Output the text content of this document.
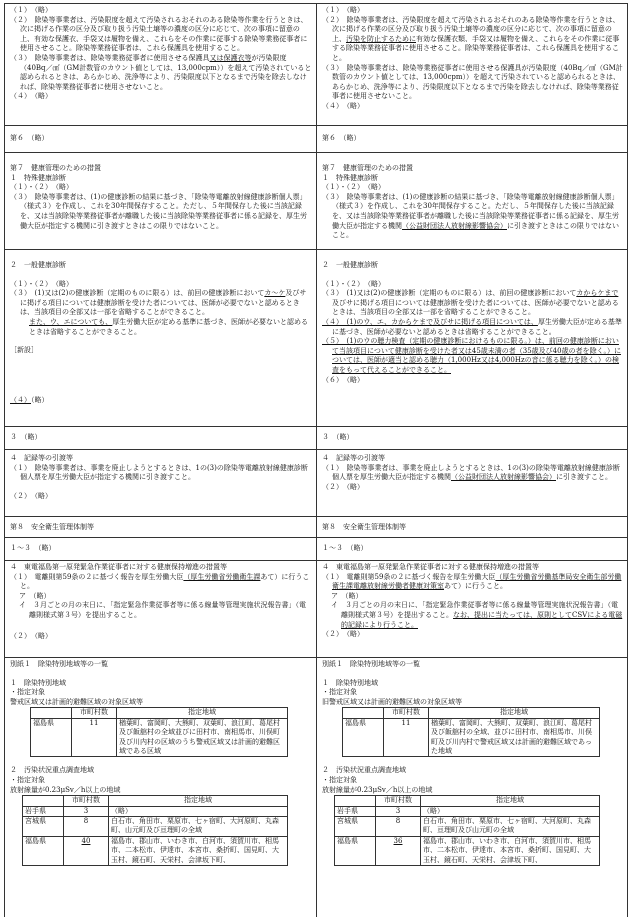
（１）　（略）

（２）　除染等事業者は、汚染限度を超えて汚染されるおそれのある除染等作業を行うときは、次に掲げる作業の区分及び取り扱う汚染土壌等の濃度の区分に応じて、次の事項に留意の上、有効な保護衣、手袋又は履物を備え、これらをその作業に従事する除染等業務従事者に使用させること。除染等業務従事者は、これら保護具を使用すること。

（３）　除染等事業者は、除染等業務従事者に使用させる保護具又は保護衣等が汚染限度（40Bq／㎠（GM計数管のカウント値としては、13,000cpm））を超えて汚染されていると認められるときは、あらかじめ、洗浄等により、汚染限度以下となるまで汚染を除去しなければ、除染等業務従事者に使用させないこと。

（４）　（略）

（１）　（略）

（２）　除染等事業者は、汚染限度を超えて汚染されるおそれのある除染等作業を行うときは、次に掲げる作業の区分及び取り扱う汚染土壌等の濃度の区分に応じて、次の事項に留意の上、汚染を防止するために有効な保護衣類、手袋又は履物を備え、これらをその作業に従事する除染等業務従事者に使用させること。除染等業務従事者は、これら保護具を使用すること。

（３）　除染等事業者は、除染等業務従事者に使用させる保護具が汚染限度（40Bq／㎠（GM計数管のカウント値としては、13,000cpm））を超えて汚染されていると認められるときは、あらかじめ、洗浄等により、汚染限度以下となるまで汚染を除去しなければ、除染等業務従事者に使用させないこと。

（４）　（略）

第６　（略）	第６　（略）

第７　健康管理のための措置

１　特殊健康診断

（１）・（２）　（略）

（３）　除染等事業者は、(1)の健康診断の結果に基づき、「除染等電離放射線健康診断個人票」（様式３）を作成し、これを30年間保存すること。ただし、５年間保存した後に当該記録を、又は当該除染等業務従事者が離職した後に当該除染等業務従事者に係る記録を、厚生労働大臣が指定する機関に引き渡すときはこの限りではないこと。

第７　健康管理のための措置

１　特殊健康診断

（１）・（２）　（略）

（３）　除染等事業者は、(1)の健康診断の結果に基づき、「除染等電離放射線健康診断個人票」（様式３）を作成し、これを30年間保存すること。ただし、５年間保存した後に当該記録を、又は当該除染等業務従事者が離職した後に当該除染等業務従事者に係る記録を、厚生労働大臣が指定する機関（公益財団法人放射線影響協会）に引き渡すときはこの限りではないこと。

２　一般健康診断

（１）・（２）　（略）

（３）　(1)又は(2)の健康診断（定期のものに限る）は、前回の健康診断においてカ～ケ及びサに掲げる項目については健康診断を受けた者については、医師が必要でないと認めるときは、当該項目の全部又は一部を省略することができること。

また、ウ、エについても、厚生労働大臣が定める基準に基づき、医師が必要ないと認めるときは省略することができること。

［新設］

（４）（略）

２　一般健康診断

（１）・（２）　（略）

（３）　(1)又は(2)の健康診断（定期のものに限る）は、前回の健康診断においてカからケまで及びサに掲げる項目については健康診断を受けた者については、医師が必要でないと認めるときは、当該項目の全部又は一部を省略することができること。

（４）　(1)のウ、エ、カからケまで及びサに掲げる項目については、厚生労働大臣が定める基準に基づき、医師が必要ないと認めるときは省略することができること。

（５）　(1)のウの聴力検査（定期の健康診断におけるものに限る。）は、前回の健康診断において当該項目について健康診断を受けた者又は45歳未満の者（35歳及び40歳の者を除く。）については、医師が適当と認める聴力（1,000Hz又は4,000Hzの音に係る聴力を除く。）の検査をもって代えることができること。

（６）　（略）

３　（略）	３　（略）

４　記録等の引渡等

（１）　除染等事業者は、事業を廃止しようとするときは、1の(3)の除染等電離放射線健康診断個人票を厚生労働大臣が指定する機関に引き渡すこと。

（２）　（略）

４　記録等の引渡等

（１）　除染等事業者は、事業を廃止しようとするときは、1の(3)の除染等電離放射線健康診断個人票を厚生労働大臣が指定する機関（公益財団法人放射線影響協会）に引き渡すこと。

（２）　（略）

第８　安全衛生管理体制等	第８　安全衛生管理体制等

１～３　（略）	１～３　（略）

４　東電福島第一原発緊急作業従事者に対する健康保持増進の措置等

（１）　電離則第59条の２に基づく報告を厚生労働大臣（厚生労働省労働衛生課あて）に行うこと。

ア　（略）

イ　３月ごとの月の末日に、「指定緊急作業従事者等に係る線量等管理実施状況報告書」（電離則様式第３号）を提出すること。

（２）　（略）

４　東電福島第一原発緊急作業従事者に対する健康保持増進の措置等

（１）　電離則第59条の２に基づく報告を厚生労働大臣（厚生労働省労働基準局安全衛生部労働衛生課電離放射線労働者健康対策室あて）に行うこと。

ア　（略）

イ　３月ごとの月の末日に、「指定緊急作業従事者等に係る線量等管理実施状況報告書」（電離則様式第３号）を提出すること。なお、提出に当たっては、原則としてCSVによる電磁的記録により行うこと。

（２）　（略）

別紙１　除染特別地域等の一覧

１　除染特別地域

・指定対象

警戒区域又は計画的避難区域の対象区域等

	市町村数	指定地域
福島県	11	楢葉町、富岡町、大熊町、双葉町、浪江町、葛尾村及び飯舘村の全域並びに田村市、南相馬市、川俣町及び川内村の区域のうち警戒区域又は計画的避難区域である区域

２　汚染状況重点調査地域

・指定対象

放射線量が0.23μSv／h以上の地域

	市町村数	指定地域
岩手県	3	（略）
宮城県	8	白石市、角田市、栗原市、七ヶ宿町、大河原町、丸森町、山元町及び亘理町の全域
福島県	40	福島市、郡山市、いわき市、白河市、須賀川市、相馬市、二本松市、伊達市、本宮市、桑折町、国見町、大玉村、鏡石町、天栄村、会津坂下町、

別紙１　除染特別地域等の一覧

１　除染特別地域

・指定対象

旧警戒区域又は計画的避難区域の対象区域等

	市町村数	指定地域
福島県	11	楢葉町、富岡町、大熊町、双葉町、浪江町、葛尾村及び飯舘村の全域、並びに田村市、南相馬市、川俣町及び川内村で警戒区域又は計画的避難区域であった地域

２　汚染状況重点調査地域

・指定対象

放射線量が0.23μSv／h以上の地域

	市町村数	指定地域
岩手県	3	（略）
宮城県	8	白石市、角田市、栗原市、七ヶ宿町、大河原町、丸森町、亘理町及び山元町の全域
福島県	36	福島市、郡山市、いわき市、白河市、須賀川市、相馬市、二本松市、伊達市、本宮市、桑折町、国見町、大玉村、鏡石町、天栄村、会津坂下町、
